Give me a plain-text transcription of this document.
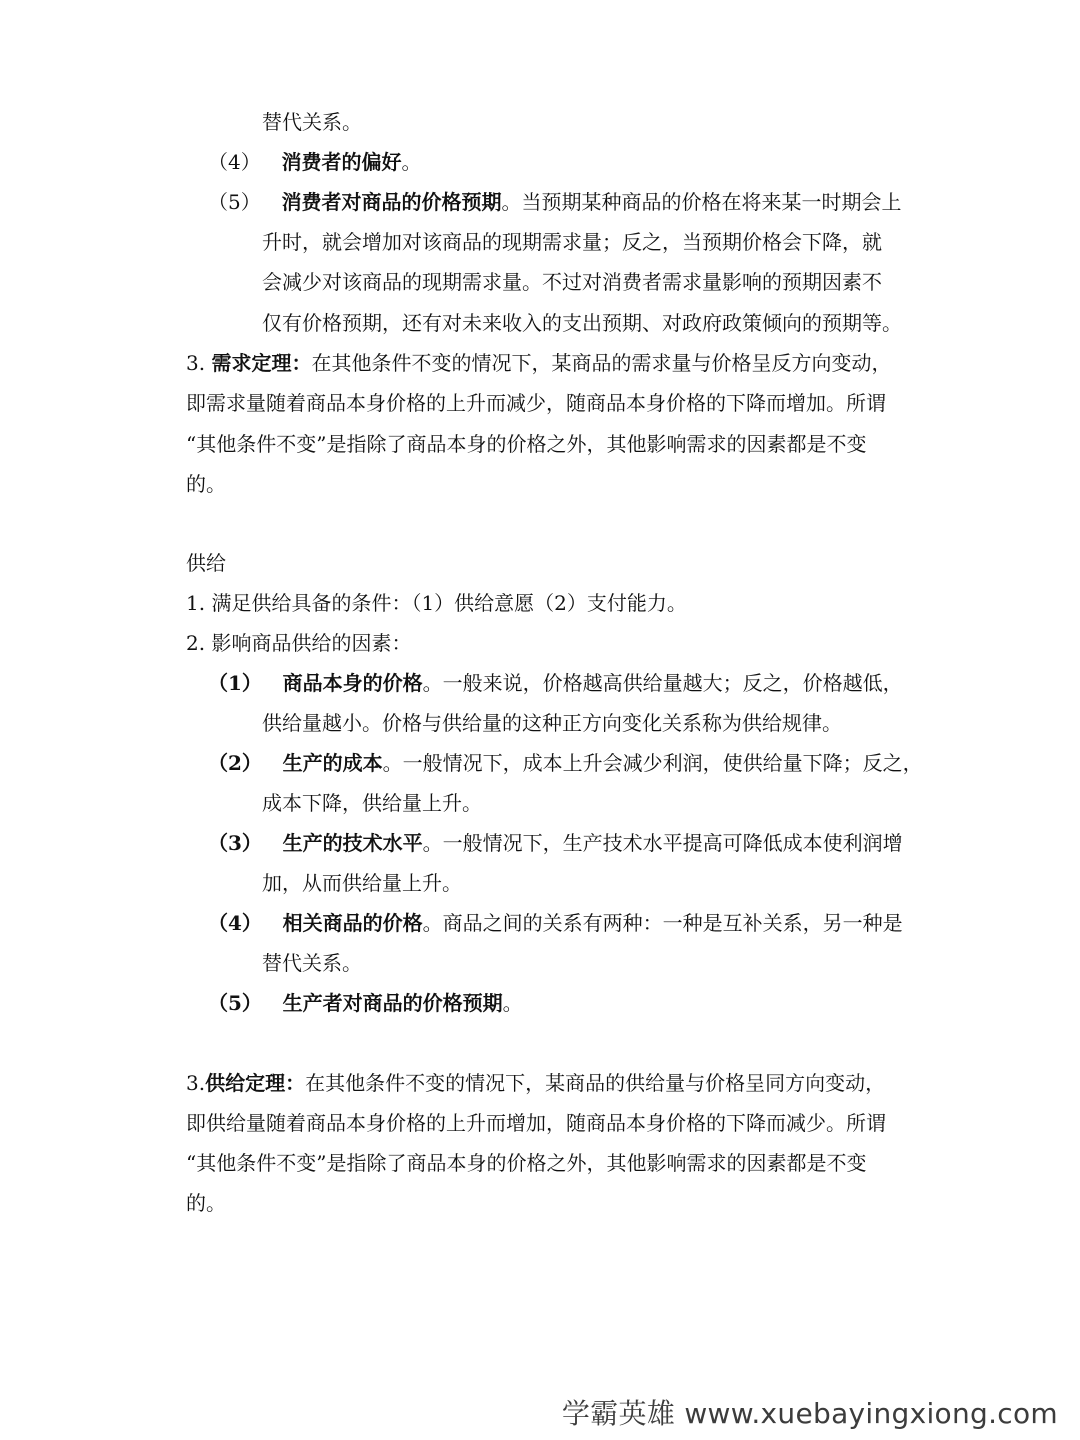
替代关系。
（4） 消费者的偏好。
（5） 消费者对商品的价格预期。当预期某种商品的价格在将来某一时期会上
升时，就会增加对该商品的现期需求量；反之，当预期价格会下降，就
会减少对该商品的现期需求量。不过对消费者需求量影响的预期因素不
仅有价格预期，还有对未来收入的支出预期、对政府政策倾向的预期等。
3. 需求定理：在其他条件不变的情况下，某商品的需求量与价格呈反方向变动，
即需求量随着商品本身价格的上升而减少，随商品本身价格的下降而增加。所谓
“其他条件不变”是指除了商品本身的价格之外，其他影响需求的因素都是不变
的。
供给
1. 满足供给具备的条件：（1）供给意愿（2）支付能力。
2. 影响商品供给的因素：
（1） 商品本身的价格。一般来说，价格越高供给量越大；反之，价格越低，
供给量越小。价格与供给量的这种正方向变化关系称为供给规律。
（2） 生产的成本。一般情况下，成本上升会减少利润，使供给量下降；反之，
成本下降，供给量上升。
（3） 生产的技术水平。一般情况下，生产技术水平提高可降低成本使利润增
加，从而供给量上升。
（4） 相关商品的价格。商品之间的关系有两种：一种是互补关系，另一种是
替代关系。
（5） 生产者对商品的价格预期。
3.供给定理：在其他条件不变的情况下，某商品的供给量与价格呈同方向变动，
即供给量随着商品本身价格的上升而增加，随商品本身价格的下降而减少。所谓
“其他条件不变”是指除了商品本身的价格之外，其他影响需求的因素都是不变
的。
学霸英雄 www.xuebayingxiong.com
